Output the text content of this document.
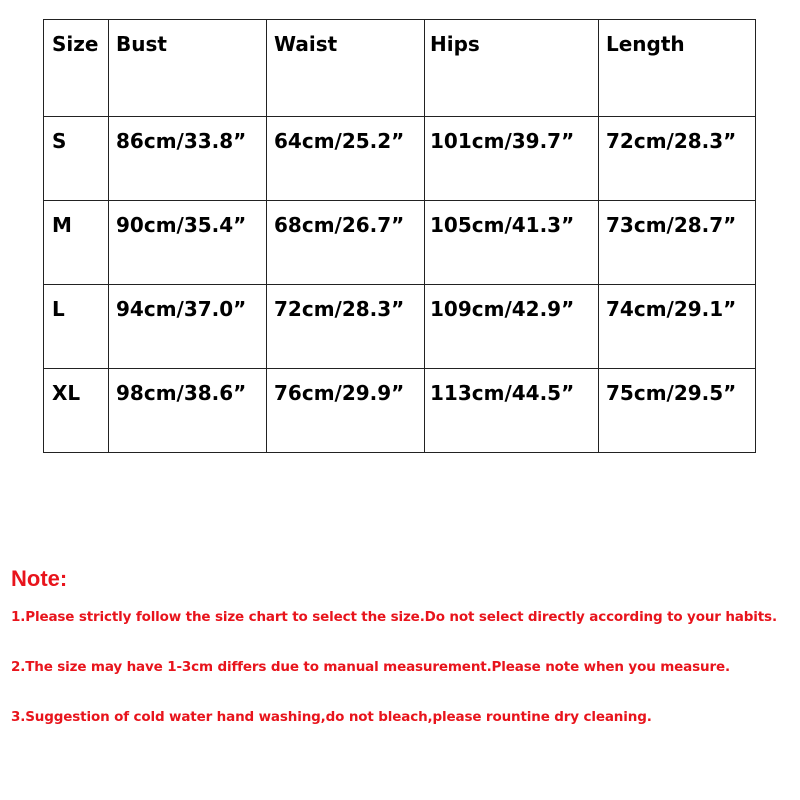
Size	Bust	Waist	Hips	Length
S	86cm/33.8”	64cm/25.2”	101cm/39.7”	72cm/28.3”
M	90cm/35.4”	68cm/26.7”	105cm/41.3”	73cm/28.7”
L	94cm/37.0”	72cm/28.3”	109cm/42.9”	74cm/29.1”
XL	98cm/38.6”	76cm/29.9”	113cm/44.5”	75cm/29.5”
Note:
1.Please strictly follow the size chart to select the size.Do not select directly according to your habits.
2.The size may have 1-3cm differs due to manual measurement.Please note when you measure.
3.Suggestion of cold water hand washing,do not bleach,please rountine dry cleaning.
